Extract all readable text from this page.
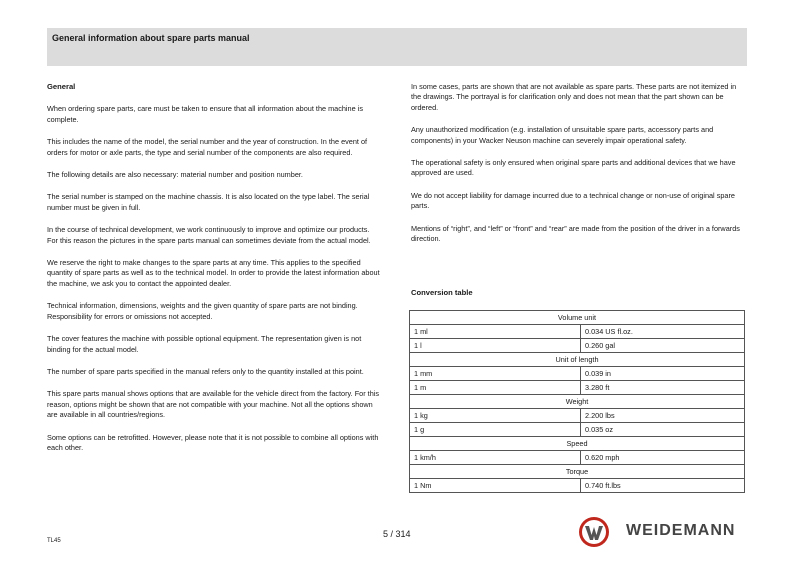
General information about spare parts manual
General

When ordering spare parts, care must be taken to ensure that all information about the machine is complete.

This includes the name of the model, the serial number and the year of construction. In the event of orders for motor or axle parts, the type and serial number of the components are also required.

The following details are also necessary: material number and position number.

The serial number is stamped on the machine chassis. It is also located on the type label. The serial number must be given in full.

In the course of technical development, we work continuously to improve and optimize our products. For this reason the pictures in the spare parts manual can sometimes deviate from the actual model.

We reserve the right to make changes to the spare parts at any time. This applies to the specified quantity of spare parts as well as to the technical model. In order to provide the latest information about the machine, we ask you to contact the appointed dealer.

Technical information, dimensions, weights and the given quantity of spare parts are not binding. Responsibility for errors or omissions not accepted.

The cover features the machine with possible optional equipment. The representation given is not binding for the actual model.

The number of spare parts specified in the manual refers only to the quantity installed at this point.

This spare parts manual shows options that are available for the vehicle direct from the factory. For this reason, options might be shown that are not compatible with your machine. Not all the options shown are available in all countries/regions.

Some options can be retrofitted. However, please note that it is not possible to combine all options with each other.

In some cases, parts are shown that are not available as spare parts. These parts are not itemized in the drawings. The portrayal is for clarification only and does not mean that the part shown can be ordered.

Any unauthorized modification (e.g. installation of unsuitable spare parts, accessory parts and components) in your Wacker Neuson machine can severely impair operational safety.

The operational safety is only ensured when original spare parts and additional devices that we have approved are used.

We do not accept liability for damage incurred due to a technical change or non-use of original spare parts.

Mentions of “right”, and “left” or “front” and “rear” are made from the position of the driver in a forwards direction.

Conversion table
Volume unit	
1 ml	0.034 US fl.oz.
1 l	0.260 gal
Unit of length	
1 mm	0.039 in
1 m	3.280 ft
Weight	
1 kg	2.200 lbs
1 g	0.035 oz
Speed	
1 km/h	0.620 mph
Torque	
1 Nm	0.740 ft.lbs
TL45
5 / 314	WEIDEMANN
